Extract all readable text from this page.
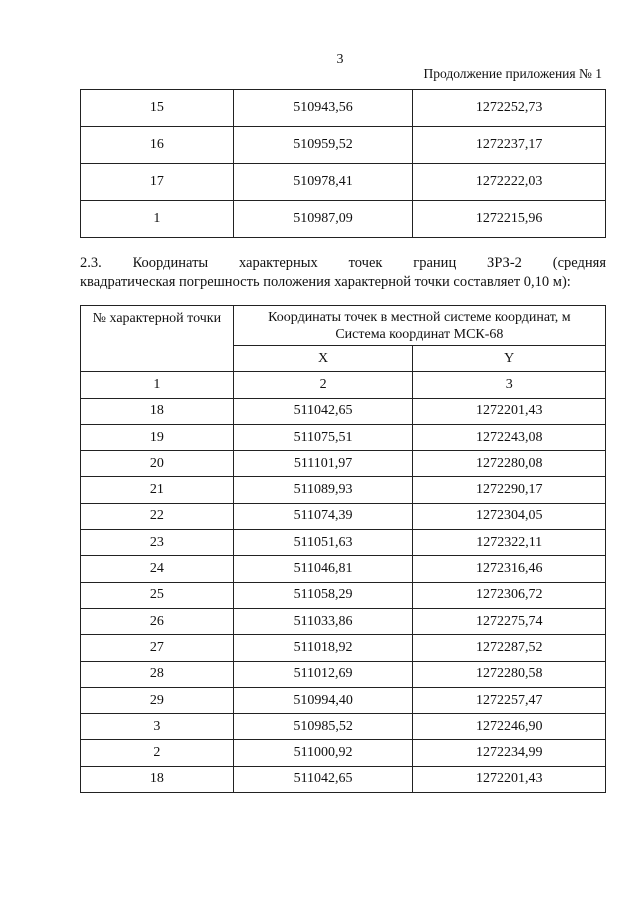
3
Продолжение приложения № 1
15	510943,56	1272252,73
16	510959,52	1272237,17
17	510978,41	1272222,03
1	510987,09	1272215,96
2.3. Координаты характерных точек границ ЗРЗ-2 (средняя
квадратическая погрешность положения характерной точки составляет 0,10 м):
№ характерной точки	Координаты точек в местной системе координат, м
Система координат МСК-68	
	X	Y
1	2	3
18	511042,65	1272201,43
19	511075,51	1272243,08
20	511101,97	1272280,08
21	511089,93	1272290,17
22	511074,39	1272304,05
23	511051,63	1272322,11
24	511046,81	1272316,46
25	511058,29	1272306,72
26	511033,86	1272275,74
27	511018,92	1272287,52
28	511012,69	1272280,58
29	510994,40	1272257,47
3	510985,52	1272246,90
2	511000,92	1272234,99
18	511042,65	1272201,43
